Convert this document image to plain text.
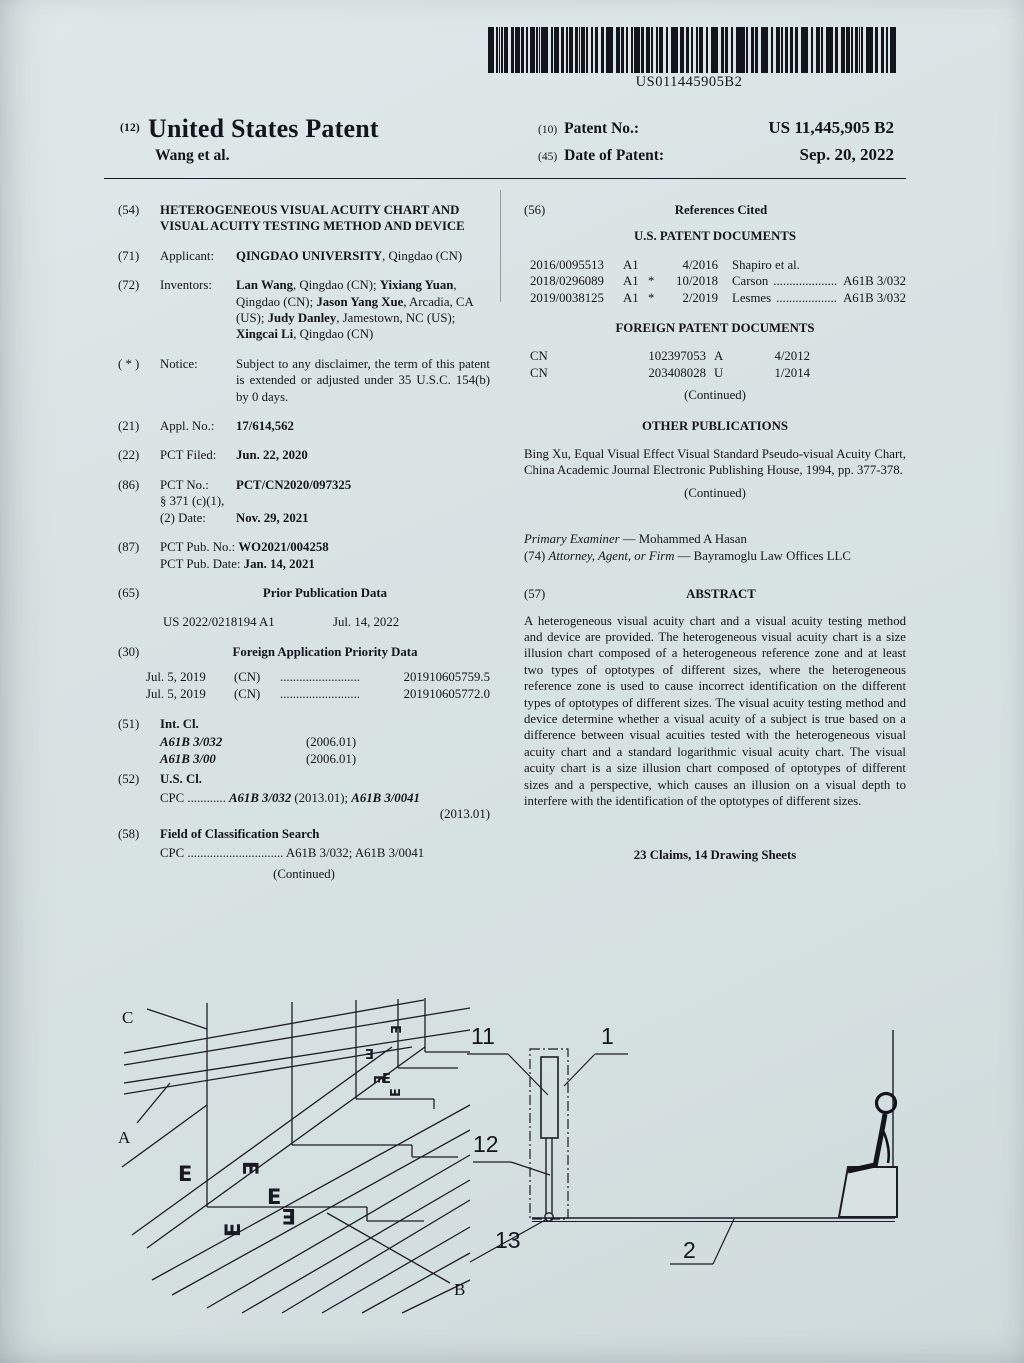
US011445905B2
$^{(12)}$ United States Patent
Wang et al.
(10) Patent No.:	US 11,445,905 B2
(45) Date of Patent:	Sep. 20, 2022
(54)	HETEROGENEOUS VISUAL ACUITY CHART AND VISUAL ACUITY TESTING METHOD AND DEVICE
(71)	Applicant:	QINGDAO UNIVERSITY, Qingdao (CN)
(72)	Inventors:	Lan Wang, Qingdao (CN); Yixiang Yuan, Qingdao (CN); Jason Yang Xue, Arcadia, CA (US); Judy Danley, Jamestown, NC (US); Xingcai Li, Qingdao (CN)
( * )	Notice:	Subject to any disclaimer, the term of this patent is extended or adjusted under 35 U.S.C. 154(b) by 0 days.
(21)	Appl. No.:	17/614,562
(22)	PCT Filed:	Jun. 22, 2020
(86)	PCT No.:	PCT/CN2020/097325
§ 371 (c)(1),
(2) Date:	Nov. 29, 2021
(87)	PCT Pub. No.: WO2021/004258
PCT Pub. Date: Jan. 14, 2021
(65)	Prior Publication Data
US 2022/0218194 A1	Jul. 14, 2022
(30)	Foreign Application Priority Data
Jul. 5, 2019	(CN)	.........................	201910605759.5
Jul. 5, 2019	(CN)	.........................	201910605772.0
(51)	Int. Cl.
A61B 3/032	(2006.01)
A61B 3/00	(2006.01)
(52)	U.S. Cl.
CPC ............ A61B 3/032 (2013.01); A61B 3/0041
(2013.01)
(58)	Field of Classification Search
CPC .............................. A61B 3/032; A61B 3/0041
(Continued)
(56)	References Cited
U.S. PATENT DOCUMENTS
2016/0095513	A1	4/2016 Shapiro et al.
2018/0296089	A1 *	10/2018 Carson .................... A61B 3/032
2019/0038125	A1 *	2/2019 Lesmes ................... A61B 3/032
FOREIGN PATENT DOCUMENTS
CN	102397053 A	4/2012
CN	203408028 U	1/2014
(Continued)
OTHER PUBLICATIONS
Bing Xu, Equal Visual Effect Visual Standard Pseudo-visual Acuity Chart, China Academic Journal Electronic Publishing House, 1994, pp. 377-378.
(Continued)
Primary Examiner — Mohammed A Hasan
(74) Attorney, Agent, or Firm — Bayramoglu Law Offices LLC
(57)	ABSTRACT
A heterogeneous visual acuity chart and a visual acuity testing method and device are provided. The heterogeneous visual acuity chart is a size illusion chart composed of a heterogeneous reference zone and at least two types of optotypes of different sizes, where the heterogeneous reference zone is used to cause incorrect identification on the different types of optotypes of different sizes. The visual acuity testing method and device determine whether a visual acuity of a subject is true based on a difference between visual acuities tested with the heterogeneous visual acuity chart and a standard logarithmic visual acuity chart. The visual acuity chart is a size illusion chart composed of optotypes of different sizes and a perspective, which causes an illusion on a visual depth to interfere with the identification of the optotypes of different sizes.
23 Claims, 14 Drawing Sheets
C
A
B
E E
E
E
E
E
E
E
E
E
11	1
12
13	2
